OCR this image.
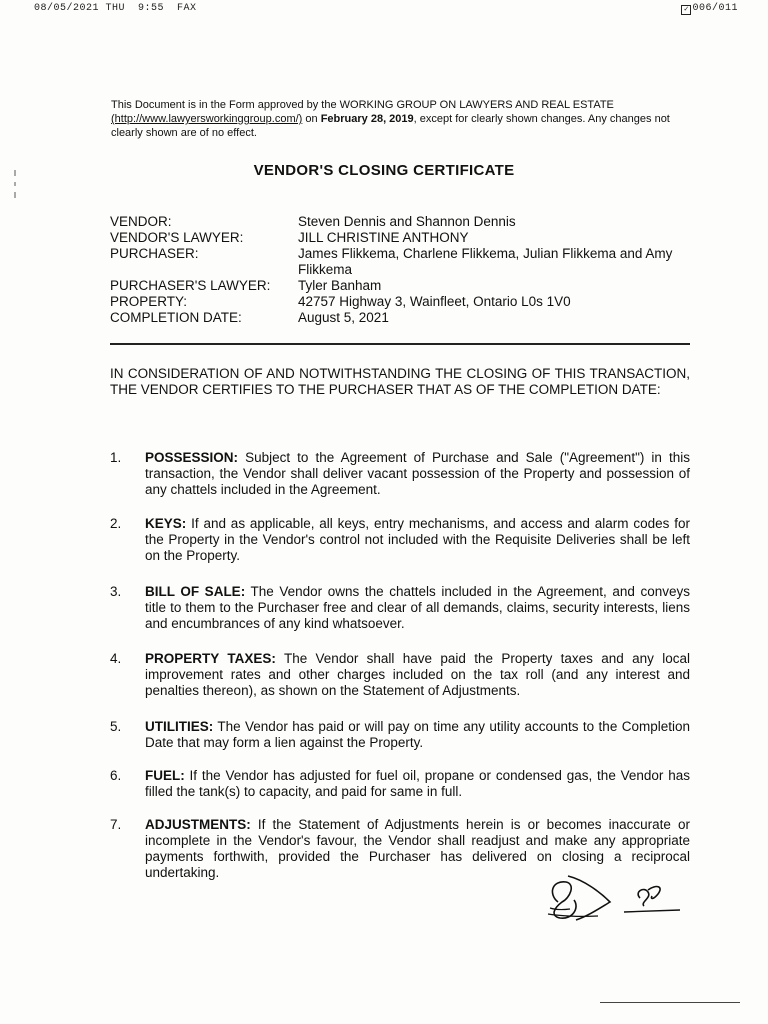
08/05/2021 THU  9:55  FAX	✓ 006/011
This Document is in the Form approved by the WORKING GROUP ON LAWYERS AND REAL ESTATE
(http://www.lawyersworkinggroup.com/) on February 28, 2019, except for clearly shown changes. Any changes not clearly shown are of no effect.
VENDOR'S CLOSING CERTIFICATE
VENDOR:	Steven Dennis and Shannon Dennis
VENDOR'S LAWYER:	JILL CHRISTINE ANTHONY
PURCHASER:	James Flikkema, Charlene Flikkema, Julian Flikkema and Amy Flikkema
PURCHASER'S LAWYER:	Tyler Banham
PROPERTY:	42757 Highway 3, Wainfleet, Ontario L0s 1V0
COMPLETION DATE:	August 5, 2021
IN CONSIDERATION OF AND NOTWITHSTANDING THE CLOSING OF THIS TRANSACTION, THE VENDOR CERTIFIES TO THE PURCHASER THAT AS OF THE COMPLETION DATE:
1.	POSSESSION: Subject to the Agreement of Purchase and Sale ("Agreement") in this transaction, the Vendor shall deliver vacant possession of the Property and possession of any chattels included in the Agreement.
2.	KEYS: If and as applicable, all keys, entry mechanisms, and access and alarm codes for the Property in the Vendor's control not included with the Requisite Deliveries shall be left on the Property.
3.	BILL OF SALE: The Vendor owns the chattels included in the Agreement, and conveys title to them to the Purchaser free and clear of all demands, claims, security interests, liens and encumbrances of any kind whatsoever.
4.	PROPERTY TAXES: The Vendor shall have paid the Property taxes and any local improvement rates and other charges included on the tax roll (and any interest and penalties thereon), as shown on the Statement of Adjustments.
5.	UTILITIES: The Vendor has paid or will pay on time any utility accounts to the Completion Date that may form a lien against the Property.
6.	FUEL: If the Vendor has adjusted for fuel oil, propane or condensed gas, the Vendor has filled the tank(s) to capacity, and paid for same in full.
7.	ADJUSTMENTS: If the Statement of Adjustments herein is or becomes inaccurate or incomplete in the Vendor's favour, the Vendor shall readjust and make any appropriate payments forthwith, provided the Purchaser has delivered on closing a reciprocal undertaking.
